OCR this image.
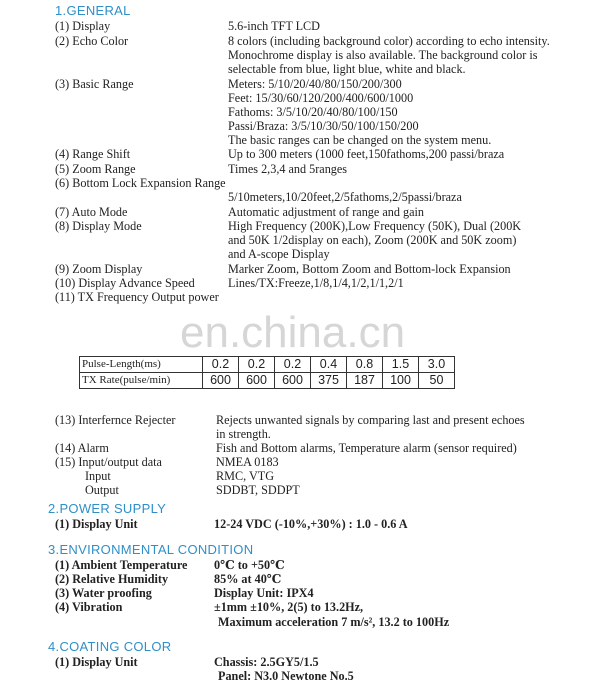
1.GENERAL
(1) Display	5.6-inch TFT LCD
(2) Echo Color	8 colors (including background color) according to echo intensity.
Monochrome display is also available. The background color is
selectable from blue, light blue, white and black.
(3) Basic Range	Meters: 5/10/20/40/80/150/200/300
Feet: 15/30/60/120/200/400/600/1000
Fathoms: 3/5/10/20/40/80/100/150
Passi/Braza: 3/5/10/30/50/100/150/200
The basic ranges can be changed on the system menu.
(4) Range Shift	Up to 300 meters (1000 feet,150fathoms,200 passi/braza
(5) Zoom Range	Times 2,3,4 and 5ranges
(6) Bottom Lock Expansion Range
5/10meters,10/20feet,2/5fathoms,2/5passi/braza
(7) Auto Mode	Automatic adjustment of range and gain
(8) Display Mode	High Frequency (200K),Low Frequency (50K), Dual (200K
and 50K 1/2display on each), Zoom (200K and 50K zoom)
and A-scope Display
(9) Zoom Display	Marker Zoom, Bottom Zoom and Bottom-lock Expansion
(10) Display Advance Speed	Lines/TX:Freeze,1/8,1/4,1/2,1/1,2/1
(11) TX Frequency Output power
en.china.cn
Pulse-Length(ms)	0.2	0.2	0.2	0.4	0.8	1.5	3.0
TX Rate(pulse/min)	600	600	600	375	187	100	50
(13) Interfernce Rejecter	Rejects unwanted signals by comparing last and present echoes
in strength.
(14) Alarm	Fish and Bottom alarms, Temperature alarm (sensor required)
(15) Input/output data	NMEA 0183
Input	RMC, VTG
Output	SDDBT, SDDPT
2.POWER SUPPLY
(1) Display Unit	12-24 VDC (-10%,+30%) : 1.0 - 0.6 A
3.ENVIRONMENTAL CONDITION
(1) Ambient Temperature 0℃ to +50℃
(2) Relative Humidity	85% at 40℃
(3) Water proofing	Display Unit: IPX4
(4) Vibration	±1mm ±10%, 2(5) to 13.2Hz,
Maximum acceleration 7 m/s², 13.2 to 100Hz
4.COATING COLOR
(1) Display Unit	Chassis: 2.5GY5/1.5
Panel: N3.0 Newtone No.5
